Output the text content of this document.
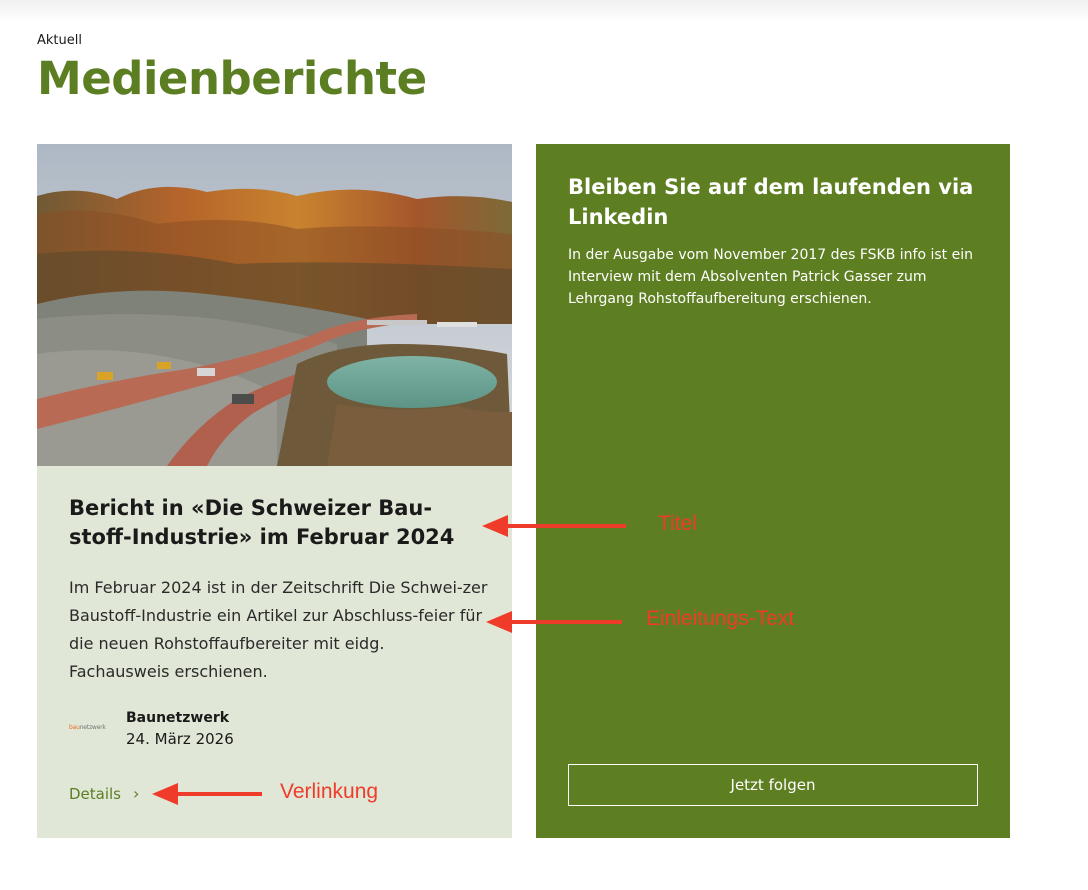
Aktuell
Medienberichte
Bericht in «Die Schweizer Bau-stoff-Industrie» im Februar 2024

Im Februar 2024 ist in der Zeitschrift Die Schwei-zer Baustoff-Industrie ein Artikel zur Abschluss-feier für die neuen Rohstoffaufbereiter mit eidg. Fachausweis erschienen.

baunetzwerk
Baunetzwerk
24. März 2026
Details ›
Bleiben Sie auf dem laufenden via Linkedin

In der Ausgabe vom November 2017 des FSKB info ist ein Interview mit dem Absolventen Patrick Gasser zum Lehrgang Rohstoffaufbereitung erschienen.

Jetzt folgen
Titel
Einleitungs-Text
Verlinkung
